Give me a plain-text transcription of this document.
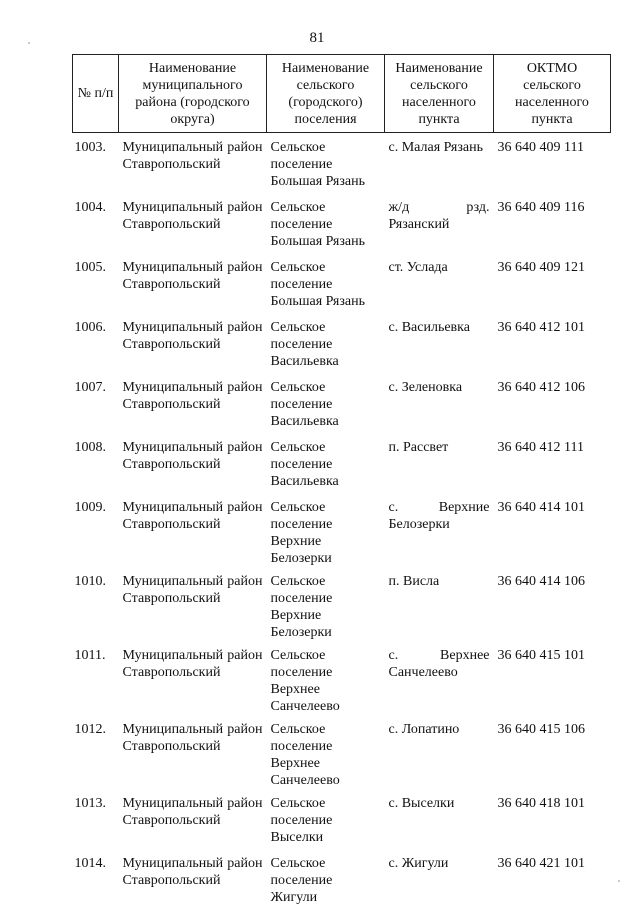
81
№ п/п	Наименование муниципального района (городского округа)	Наименование сельского (городского) поселения	Наименование сельского населенного пункта	ОКТМО сельского населенного пункта
1003.	Муниципальный район Ставропольский	Сельское поселение Большая Рязань	с. Малая Рязань	36 640 409 111
1004.	Муниципальный район Ставропольский	Сельское поселение Большая Рязань	ж/д рзд. Рязанский	36 640 409 116
1005.	Муниципальный район Ставропольский	Сельское поселение Большая Рязань	ст. Услада	36 640 409 121
1006.	Муниципальный район Ставропольский	Сельское поселение Васильевка	с. Васильевка	36 640 412 101
1007.	Муниципальный район Ставропольский	Сельское поселение Васильевка	с. Зеленовка	36 640 412 106
1008.	Муниципальный район Ставропольский	Сельское поселение Васильевка	п. Рассвет	36 640 412 111
1009.	Муниципальный район Ставропольский	Сельское поселение Верхние Белозерки	с. Верхние Белозерки	36 640 414 101
1010.	Муниципальный район Ставропольский	Сельское поселение Верхние Белозерки	п. Висла	36 640 414 106
1011.	Муниципальный район Ставропольский	Сельское поселение Верхнее Санчелеево	с. Верхнее Санчелеево	36 640 415 101
1012.	Муниципальный район Ставропольский	Сельское поселение Верхнее Санчелеево	с. Лопатино	36 640 415 106
1013.	Муниципальный район Ставропольский	Сельское поселение Выселки	с. Выселки	36 640 418 101
1014.	Муниципальный район Ставропольский	Сельское поселение Жигули	с. Жигули	36 640 421 101
